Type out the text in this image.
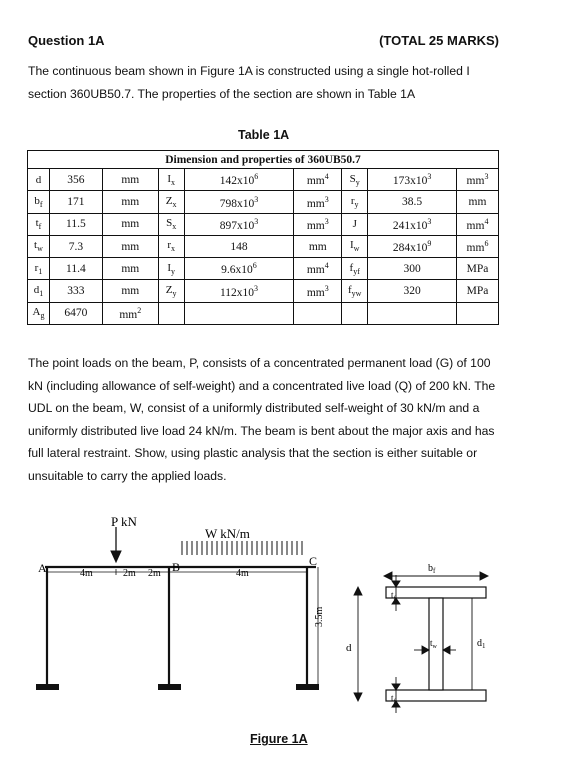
Question 1A	(TOTAL 25 MARKS)
The continuous beam shown in Figure 1A is constructed using a single hot-rolled I section 360UB50.7. The properties of the section are shown in Table 1A
Table 1A
Dimension and properties of 360UB50.7								
d	356	mm	$I_x$	$142x10^6$	$mm^4$	$S_y$	$173x10^3$	$mm^3$
$b_f$	171	mm	$Z_x$	$798x10^3$	$mm^3$	$r_y$	38.5	mm
$t_f$	11.5	mm	$S_x$	$897x10^3$	$mm^3$	J	$241x10^3$	$mm^4$
$t_w$	7.3	mm	$r_x$	148	mm	$I_w$	$284x10^9$	$mm^6$
$r_1$	11.4	mm	$I_y$	$9.6x10^6$	$mm^4$	$f_{yf}$	300	MPa
$d_1$	333	mm	$Z_y$	$112x10^3$	$mm^3$	$f_{yw}$	320	MPa
$A_g$	6470	$mm^2$						
The point loads on the beam, P, consists of a concentrated permanent load (G) of 100 kN (including allowance of self-weight) and a concentrated live load (Q) of 200 kN. The UDL on the beam, W, consist of a uniformly distributed self-weight of 30 kN/m and a uniformly distributed live load 24 kN/m. The beam is bent about the major axis and has full lateral restraint. Show, using plastic analysis that the section is either suitable or unsuitable to carry the applied loads.
P kN
W kN/m
A	B	C
4m	2m 2m	4m
3.5m
d
$b_f$
$t_f$
$t_f$
$t_w$	$d_1$
Figure 1A
